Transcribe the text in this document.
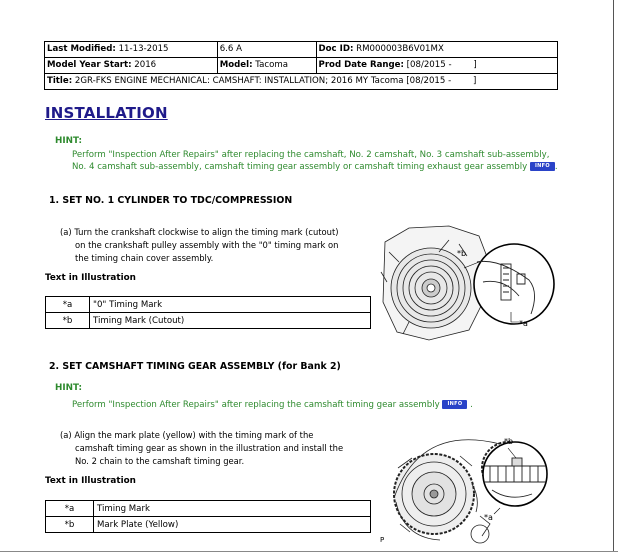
Last Modified: 11-13-2015	6.6 A	Doc ID: RM000003B6V01MX
Model Year Start: 2016	Model: Tacoma	Prod Date Range: [08/2015 -        ]
Title: 2GR-FKS ENGINE MECHANICAL: CAMSHAFT: INSTALLATION; 2016 MY Tacoma [08/2015 -        ]		
INSTALLATION
HINT:
Perform "Inspection After Repairs" after replacing the camshaft, No. 2 camshaft, No. 3 camshaft sub-assembly, No. 4 camshaft sub-assembly, camshaft timing gear assembly or camshaft timing exhaust gear assembly INFO .
1. SET NO. 1 CYLINDER TO TDC/COMPRESSION

(a) Turn the crankshaft clockwise to align the timing mark (cutout)

on the crankshaft pulley assembly with the "0" timing mark on

the timing chain cover assembly.

Text in Illustration
*a	"0" Timing Mark
*b	Timing Mark (Cutout)
*b
*a
2. SET CAMSHAFT TIMING GEAR ASSEMBLY (for Bank 2)
HINT:
Perform "Inspection After Repairs" after replacing the camshaft timing gear assembly INFO .

(a) Align the mark plate (yellow) with the timing mark of the

camshaft timing gear as shown in the illustration and install the

No. 2 chain to the camshaft timing gear.

Text in Illustration
*a	Timing Mark
*b	Mark Plate (Yellow)
*b
*a
P
